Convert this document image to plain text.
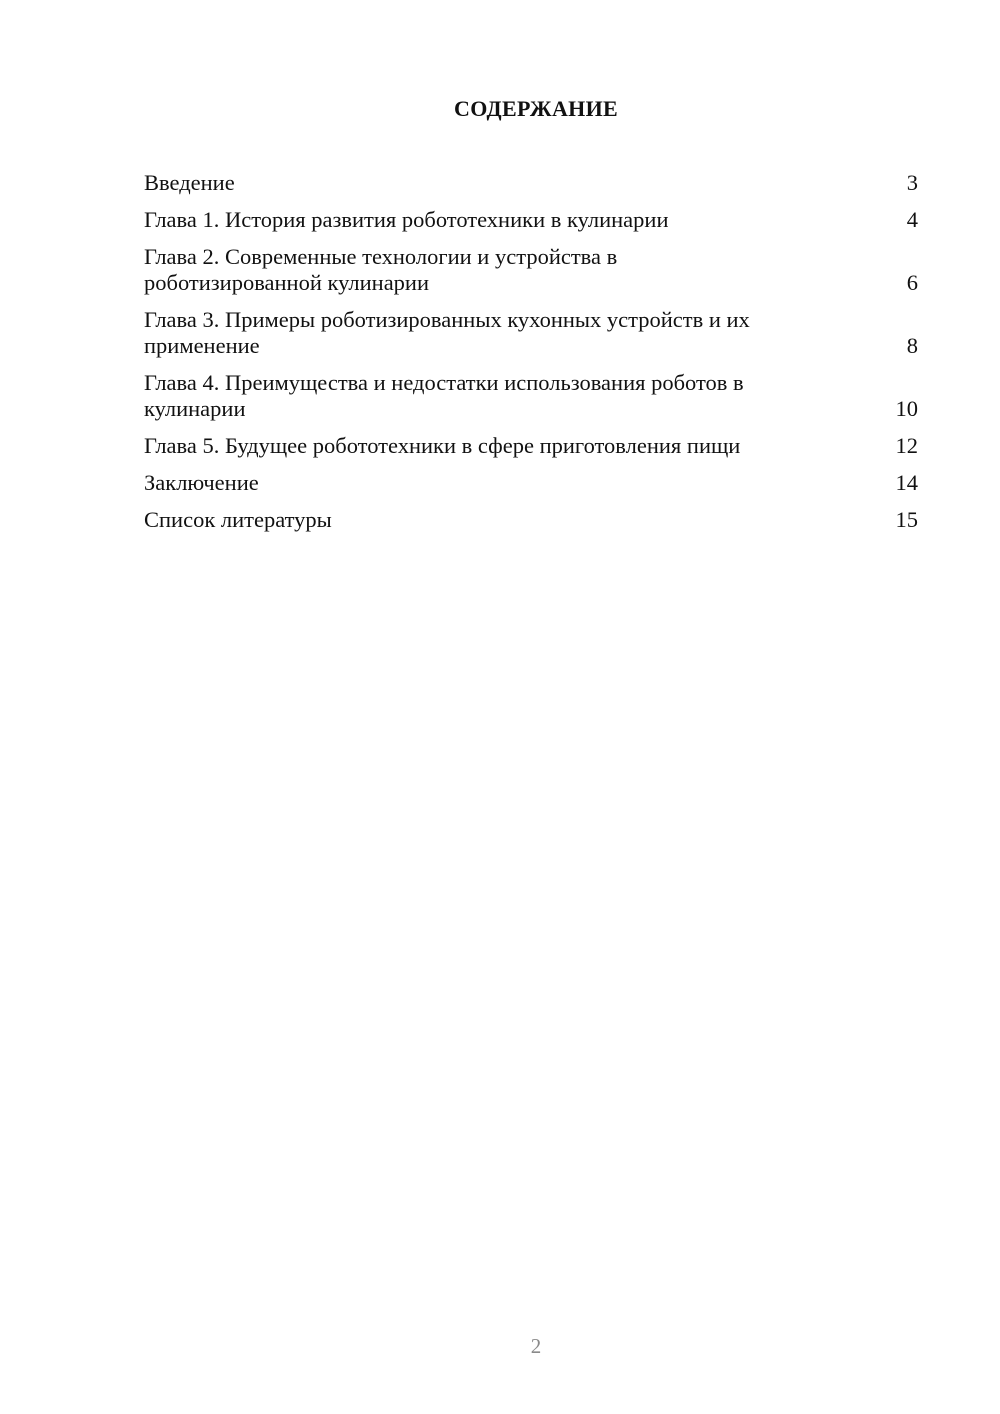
СОДЕРЖАНИЕ
Введение	3
Глава 1. История развития робототехники в кулинарии	4
Глава 2. Современные технологии и устройства в
роботизированной кулинарии	6
Глава 3. Примеры роботизированных кухонных устройств и их
применение	8
Глава 4. Преимущества и недостатки использования роботов в
кулинарии	10
Глава 5. Будущее робототехники в сфере приготовления пищи	12
Заключение	14
Список литературы	15
2
